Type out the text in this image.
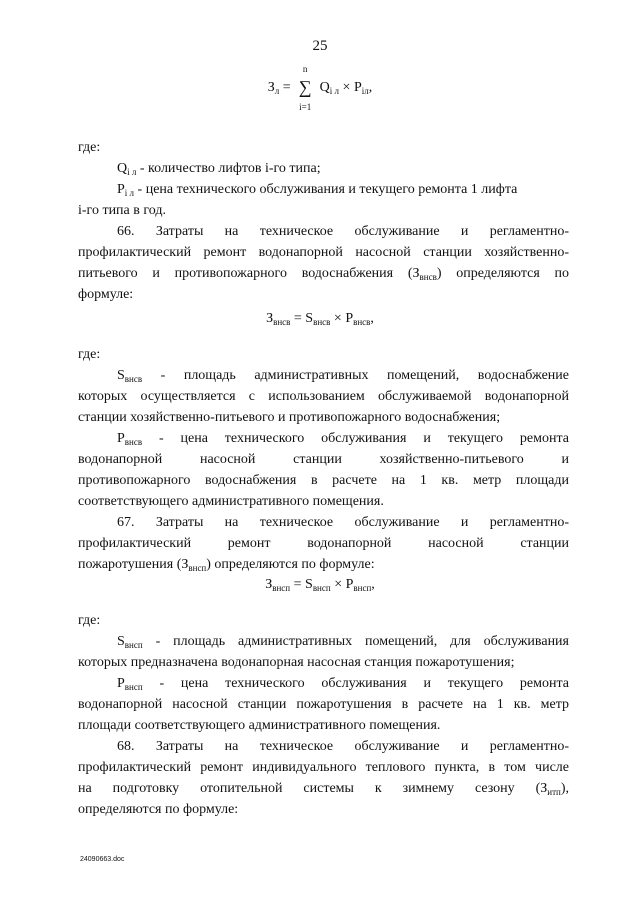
25
$З_л$ =
n
∑
i=1
$Q_{i л} \times P_{iл}$,

где:

$Q_{i л}$ - количество лифтов i-го типа;

$P_{i л}$ - цена технического обслуживания и текущего ремонта 1 лифта

i-го типа в год.

66. Затраты на техническое обслуживание и регламентно-

профилактический ремонт водонапорной насосной станции хозяйственно-

питьевого и противопожарного водоснабжения $(З_{внсв})$ определяются по

формуле:

$З_{внсв} = S_{внсв} \times P_{внсв}$,

где:

$S_{внсв}$ - площадь административных помещений, водоснабжение

которых осуществляется с использованием обслуживаемой водонапорной

станции хозяйственно-питьевого и противопожарного водоснабжения;

$P_{внсв}$ - цена технического обслуживания и текущего ремонта

водонапорной насосной станции хозяйственно-питьевого и

противопожарного водоснабжения в расчете на 1 кв. метр площади

соответствующего административного помещения.

67. Затраты на техническое обслуживание и регламентно-

профилактический ремонт водонапорной насосной станции

пожаротушения $(З_{внсп})$ определяются по формуле:

$З_{внсп} = S_{внсп} \times P_{внсп}$,

где:

$S_{внсп}$ - площадь административных помещений, для обслуживания

которых предназначена водонапорная насосная станция пожаротушения;

$P_{внсп}$ - цена технического обслуживания и текущего ремонта

водонапорной насосной станции пожаротушения в расчете на 1 кв. метр

площади соответствующего административного помещения.

68. Затраты на техническое обслуживание и регламентно-

профилактический ремонт индивидуального теплового пункта, в том числе

на подготовку отопительной системы к зимнему сезону $(З_{итп})$,

определяются по формуле:

24090663.doc
